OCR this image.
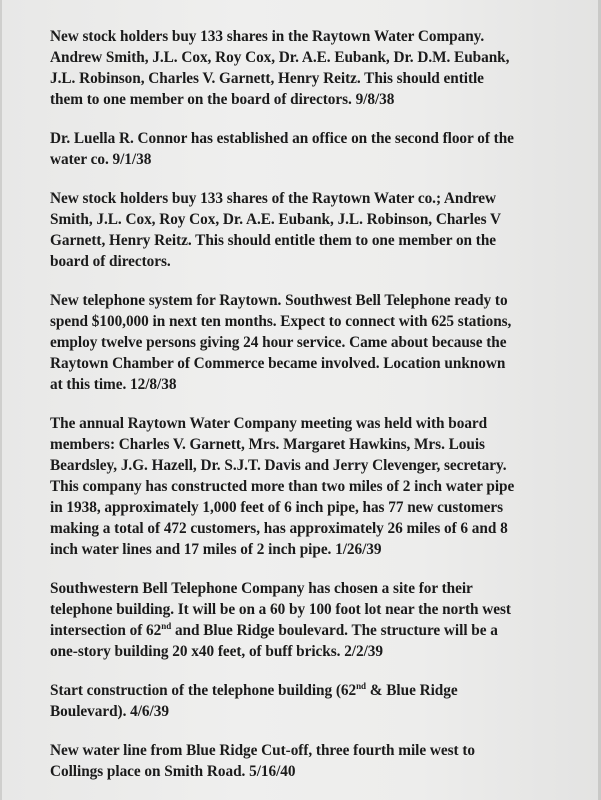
New stock holders buy 133 shares in the Raytown Water Company.
Andrew Smith, J.L. Cox, Roy Cox, Dr. A.E. Eubank, Dr. D.M. Eubank,
J.L. Robinson, Charles V. Garnett, Henry Reitz. This should entitle
them to one member on the board of directors. 9/8/38

Dr. Luella R. Connor has established an office on the second floor of the
water co. 9/1/38

New stock holders buy 133 shares of the Raytown Water co.; Andrew
Smith, J.L. Cox, Roy Cox, Dr. A.E. Eubank, J.L. Robinson, Charles V
Garnett, Henry Reitz. This should entitle them to one member on the
board of directors.

New telephone system for Raytown. Southwest Bell Telephone ready to
spend $100,000 in next ten months. Expect to connect with 625 stations,
employ twelve persons giving 24 hour service. Came about because the
Raytown Chamber of Commerce became involved. Location unknown
at this time. 12/8/38

The annual Raytown Water Company meeting was held with board
members: Charles V. Garnett, Mrs. Margaret Hawkins, Mrs. Louis
Beardsley, J.G. Hazell, Dr. S.J.T. Davis and Jerry Clevenger, secretary.
This company has constructed more than two miles of 2 inch water pipe
in 1938, approximately 1,000 feet of 6 inch pipe, has 77 new customers
making a total of 472 customers, has approximately 26 miles of 6 and 8
inch water lines and 17 miles of 2 inch pipe. 1/26/39

Southwestern Bell Telephone Company has chosen a site for their
telephone building. It will be on a 60 by 100 foot lot near the north west
intersection of 62nd and Blue Ridge boulevard. The structure will be a
one-story building 20 x40 feet, of buff bricks. 2/2/39

Start construction of the telephone building (62nd & Blue Ridge
Boulevard). 4/6/39

New water line from Blue Ridge Cut-off, three fourth mile west to
Collings place on Smith Road. 5/16/40
